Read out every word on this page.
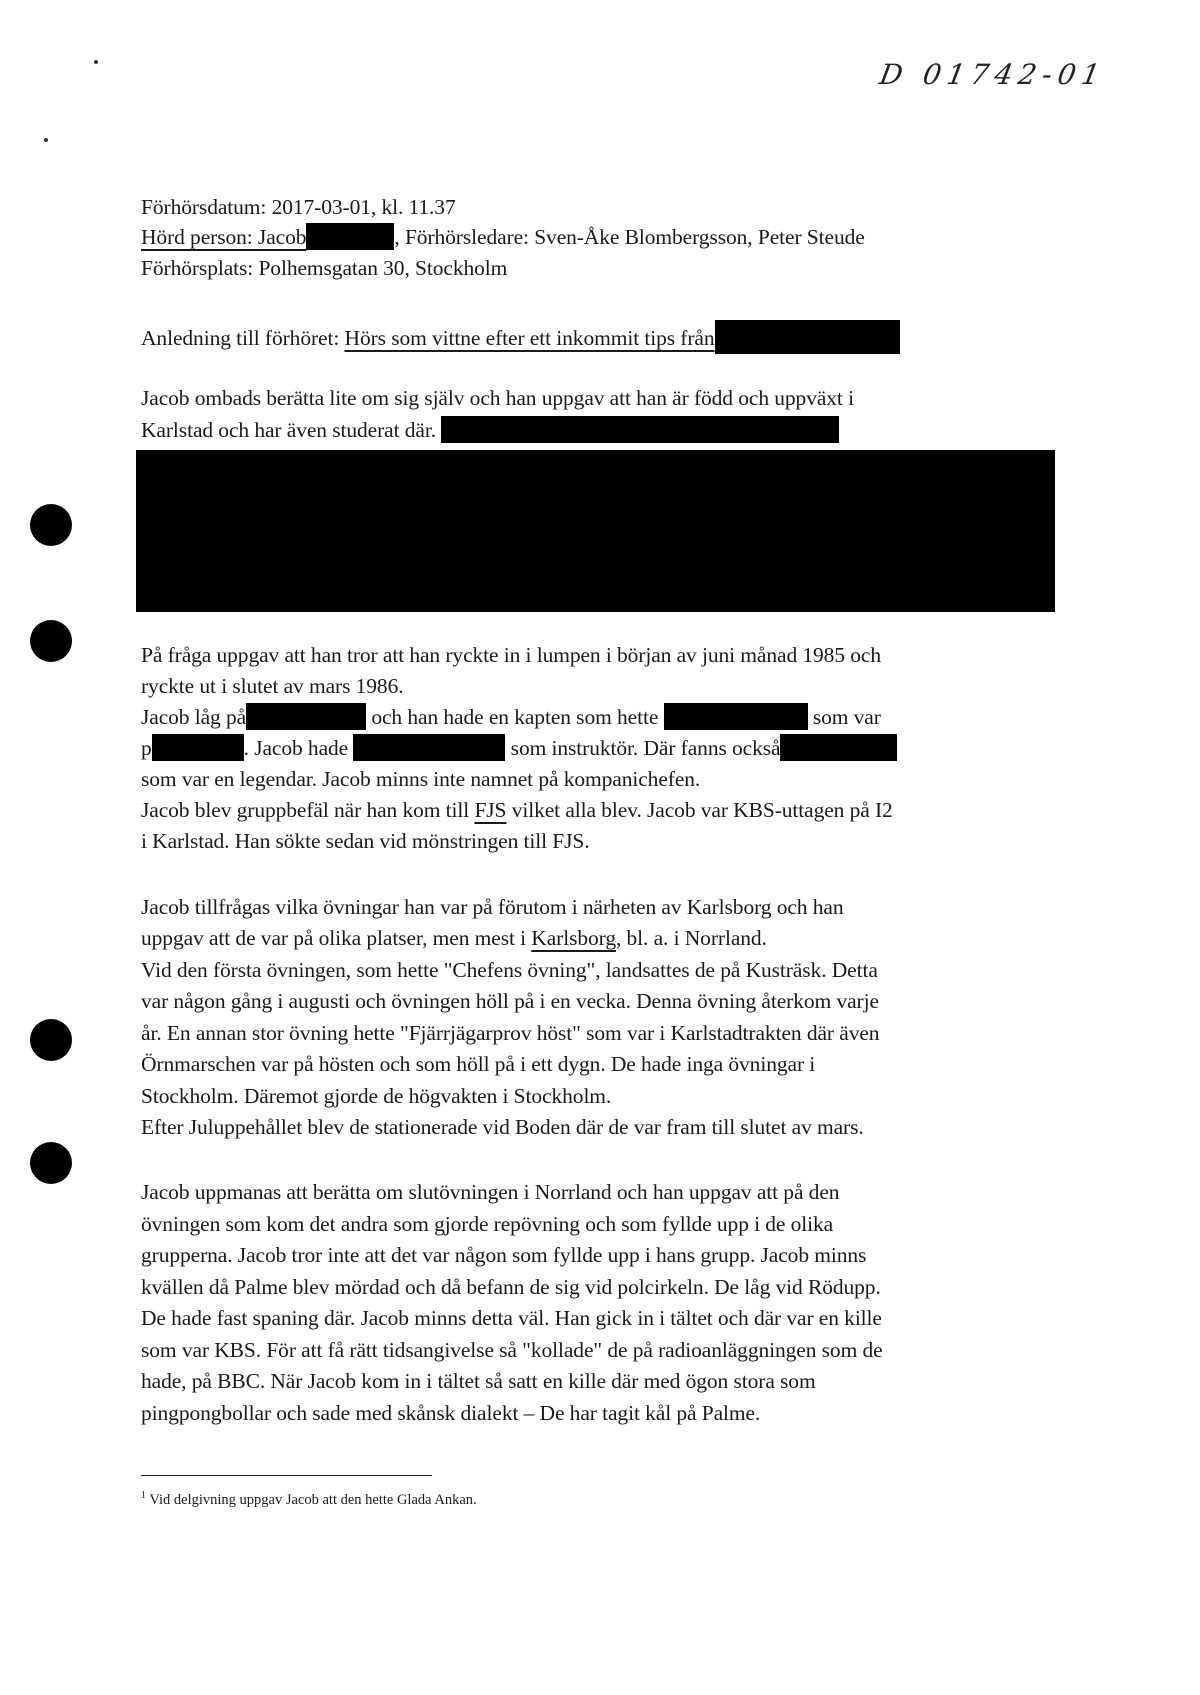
D 01742-01
Förhörsdatum: 2017-03-01, kl. 11.37
Hörd person: Jacob	, Förhörsledare: Sven-Åke Blombergsson, Peter Steude
Förhörsplats: Polhemsgatan 30, Stockholm
Anledning till förhöret: Hörs som vittne efter ett inkommit tips från
Jacob ombads berätta lite om sig själv och han uppgav att han är född och uppväxt i
Karlstad och har även studerat där.
På fråga uppgav att han tror att han ryckte in i lumpen i början av juni månad 1985 och
ryckte ut i slutet av mars 1986.
Jacob låg på	och han hade en kapten som hette	som var
p	. Jacob hade	som instruktör. Där fanns också
som var en legendar. Jacob minns inte namnet på kompanichefen.
Jacob blev gruppbefäl när han kom till FJS vilket alla blev. Jacob var KBS-uttagen på I2
i Karlstad. Han sökte sedan vid mönstringen till FJS.
Jacob tillfrågas vilka övningar han var på förutom i närheten av Karlsborg och han
uppgav att de var på olika platser, men mest i Karlsborg, bl. a. i Norrland.
Vid den första övningen, som hette "Chefens övning", landsattes de på Kusträsk. Detta
var någon gång i augusti och övningen höll på i en vecka. Denna övning återkom varje
år. En annan stor övning hette "Fjärrjägarprov höst" som var i Karlstadtrakten där även
Örnmarschen var på hösten och som höll på i ett dygn. De hade inga övningar i
Stockholm. Däremot gjorde de högvakten i Stockholm.
Efter Juluppehållet blev de stationerade vid Boden där de var fram till slutet av mars.
Jacob uppmanas att berätta om slutövningen i Norrland och han uppgav att på den
övningen som kom det andra som gjorde repövning och som fyllde upp i de olika
grupperna. Jacob tror inte att det var någon som fyllde upp i hans grupp. Jacob minns
kvällen då Palme blev mördad och då befann de sig vid polcirkeln. De låg vid Rödupp.
De hade fast spaning där. Jacob minns detta väl. Han gick in i tältet och där var en kille
som var KBS. För att få rätt tidsangivelse så "kollade" de på radioanläggningen som de
hade, på BBC. När Jacob kom in i tältet så satt en kille där med ögon stora som
pingpongbollar och sade med skånsk dialekt – De har tagit kål på Palme.
$^1$ Vid delgivning uppgav Jacob att den hette Glada Ankan.
